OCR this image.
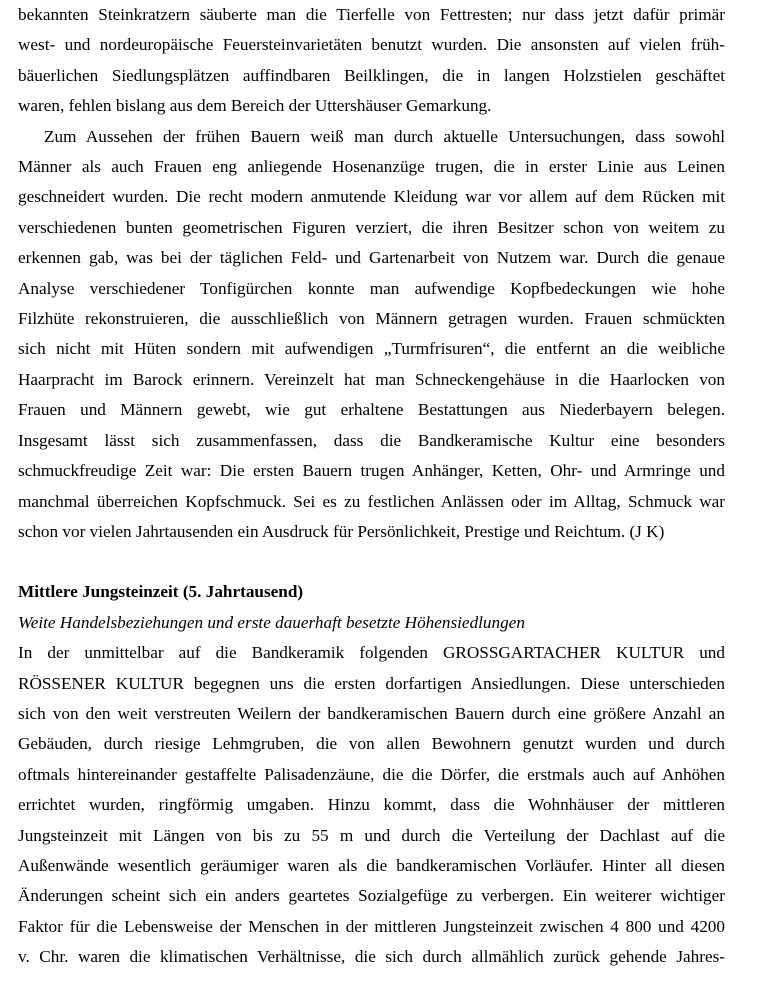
bekannten Steinkratzern säuberte man die Tierfelle von Fettresten; nur dass jetzt dafür primär
west- und nordeuropäische Feuersteinvarietäten benutzt wurden. Die ansonsten auf vielen früh-
bäuerlichen Siedlungsplätzen auffindbaren Beilklingen, die in langen Holzstielen geschäftet
waren, fehlen bislang aus dem Bereich der Uttershäuser Gemarkung.
Zum Aussehen der frühen Bauern weiß man durch aktuelle Untersuchungen, dass sowohl
Männer als auch Frauen eng anliegende Hosenanzüge trugen, die in erster Linie aus Leinen
geschneidert wurden. Die recht modern anmutende Kleidung war vor allem auf dem Rücken mit
verschiedenen bunten geometrischen Figuren verziert, die ihren Besitzer schon von weitem zu
erkennen gab, was bei der täglichen Feld- und Gartenarbeit von Nutzem war. Durch die genaue
Analyse verschiedener Tonfigürchen konnte man aufwendige Kopfbedeckungen wie hohe
Filzhüte rekonstruieren, die ausschließlich von Männern getragen wurden. Frauen schmückten
sich nicht mit Hüten sondern mit aufwendigen „Turmfrisuren“, die entfernt an die weibliche
Haarpracht im Barock erinnern. Vereinzelt hat man Schneckengehäuse in die Haarlocken von
Frauen und Männern gewebt, wie gut erhaltene Bestattungen aus Niederbayern belegen.
Insgesamt lässt sich zusammenfassen, dass die Bandkeramische Kultur eine besonders
schmuckfreudige Zeit war: Die ersten Bauern trugen Anhänger, Ketten, Ohr- und Armringe und
manchmal überreichen Kopfschmuck. Sei es zu festlichen Anlässen oder im Alltag, Schmuck war
schon vor vielen Jahrtausenden ein Ausdruck für Persönlichkeit, Prestige und Reichtum. (J K)

Mittlere Jungsteinzeit (5. Jahrtausend)

Weite Handelsbeziehungen und erste dauerhaft besetzte Höhensiedlungen

In der unmittelbar auf die Bandkeramik folgenden GROSSGARTACHER KULTUR und
RÖSSENER KULTUR begegnen uns die ersten dorfartigen Ansiedlungen. Diese unterschieden
sich von den weit verstreuten Weilern der bandkeramischen Bauern durch eine größere Anzahl an
Gebäuden, durch riesige Lehmgruben, die von allen Bewohnern genutzt wurden und durch
oftmals hintereinander gestaffelte Palisadenzäune, die die Dörfer, die erstmals auch auf Anhöhen
errichtet wurden, ringförmig umgaben. Hinzu kommt, dass die Wohnhäuser der mittleren
Jungsteinzeit mit Längen von bis zu 55 m und durch die Verteilung der Dachlast auf die
Außenwände wesentlich geräumiger waren als die bandkeramischen Vorläufer. Hinter all diesen
Änderungen scheint sich ein anders geartetes Sozialgefüge zu verbergen. Ein weiterer wichtiger
Faktor für die Lebensweise der Menschen in der mittleren Jungsteinzeit zwischen 4 800 und 4200
v. Chr. waren die klimatischen Verhältnisse, die sich durch allmählich zurück gehende Jahres-
